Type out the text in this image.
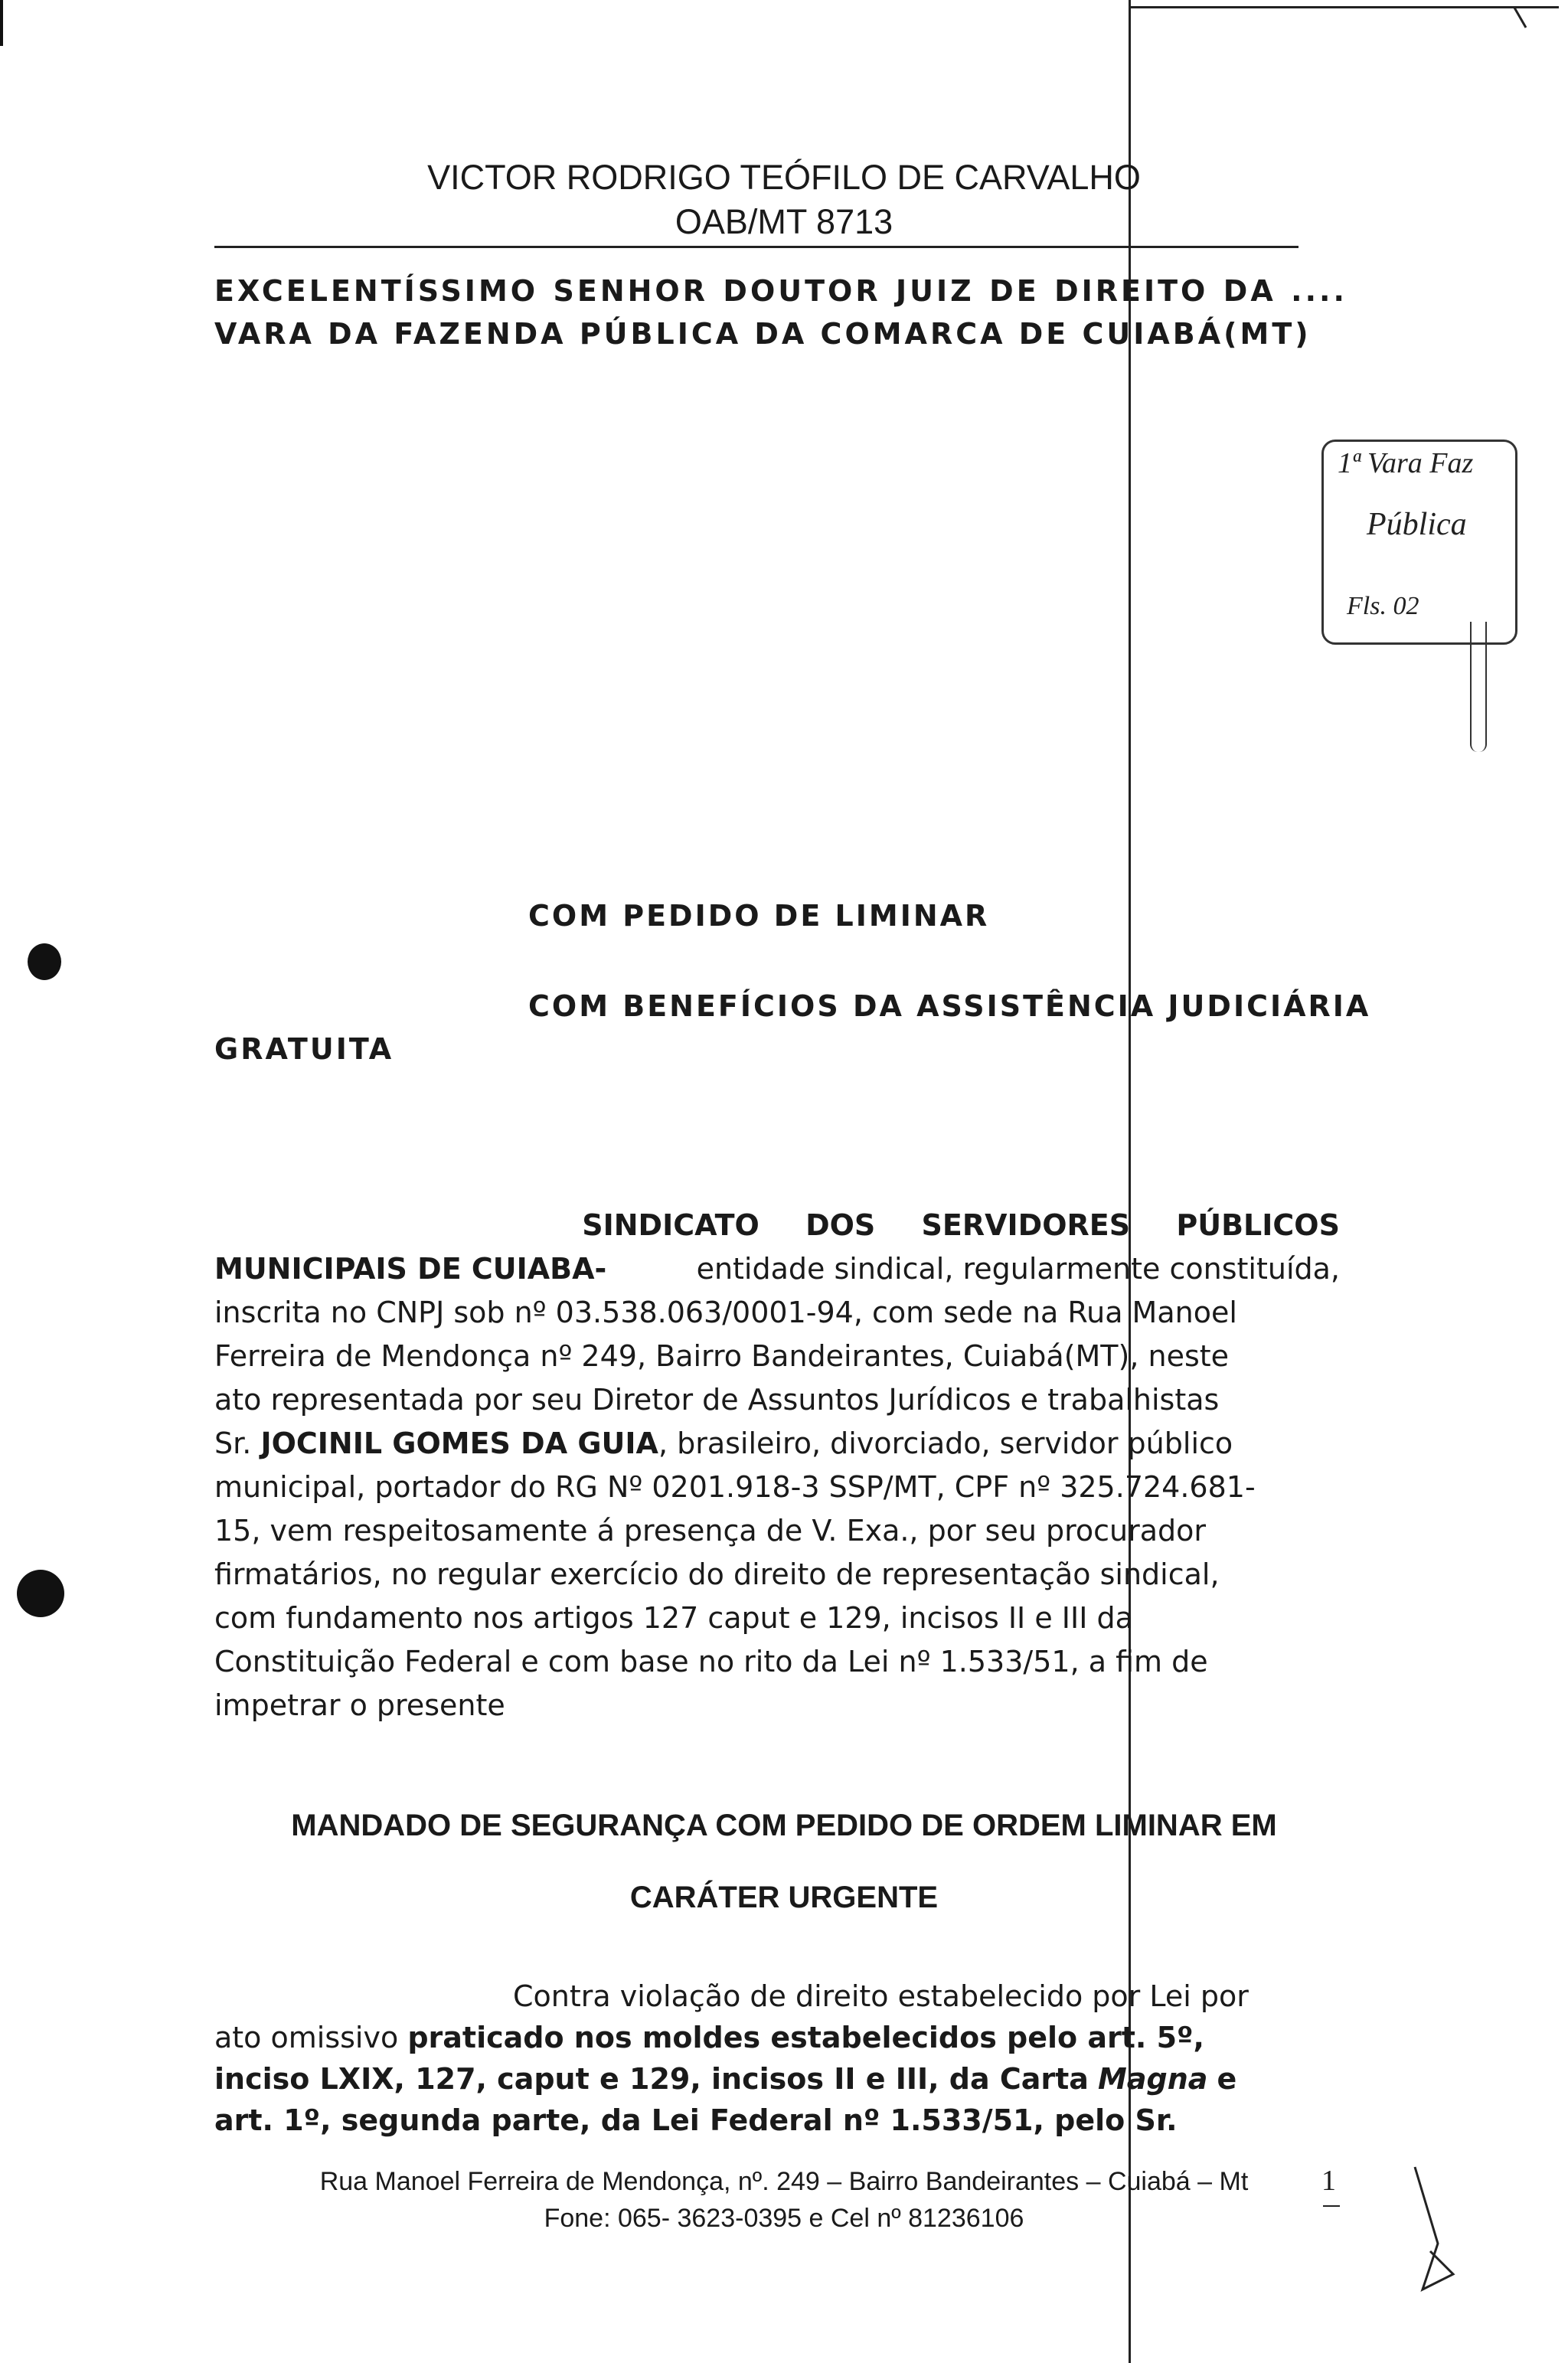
VICTOR RODRIGO TEÓFILO DE CARVALHO
OAB/MT 8713
EXCELENTÍSSIMO SENHOR DOUTOR JUIZ DE DIREITO DA ....
VARA DA FAZENDA PÚBLICA DA COMARCA DE CUIABÁ(MT)
1ª Vara Faz
Pública
Fls. 02
COM PEDIDO DE LIMINAR
COM BENEFÍCIOS DA ASSISTÊNCIA JUDICIÁRIA
GRATUITA
SINDICATO DOS SERVIDORES PÚBLICOS
MUNICIPAIS DE CUIABA-	entidade sindical, regularmente constituída,
inscrita no CNPJ sob nº 03.538.063/0001-94, com sede na Rua Manoel
Ferreira de Mendonça nº 249, Bairro Bandeirantes, Cuiabá(MT), neste
ato representada por seu Diretor de Assuntos Jurídicos e trabalhistas
Sr. JOCINIL GOMES DA GUIA, brasileiro, divorciado, servidor público
municipal, portador do RG Nº 0201.918-3 SSP/MT, CPF nº 325.724.681-
15, vem respeitosamente á presença de V. Exa., por seu procurador
firmatários, no regular exercício do direito de representação sindical,
com fundamento nos artigos 127 caput e 129, incisos II e III da
Constituição Federal e com base no rito da Lei nº 1.533/51, a fim de
impetrar o presente
MANDADO DE SEGURANÇA COM PEDIDO DE ORDEM LIMINAR EM
CARÁTER URGENTE
Contra violação de direito estabelecido por Lei por
ato omissivo praticado nos moldes estabelecidos pelo art. 5º,
inciso LXIX, 127, caput e 129, incisos II e III, da Carta Magna e
art. 1º, segunda parte, da Lei Federal nº 1.533/51, pelo Sr.
Rua Manoel Ferreira de Mendonça, nº. 249 – Bairro Bandeirantes – Cuiabá – Mt
Fone: 065- 3623-0395 e Cel nº 81236106
1
